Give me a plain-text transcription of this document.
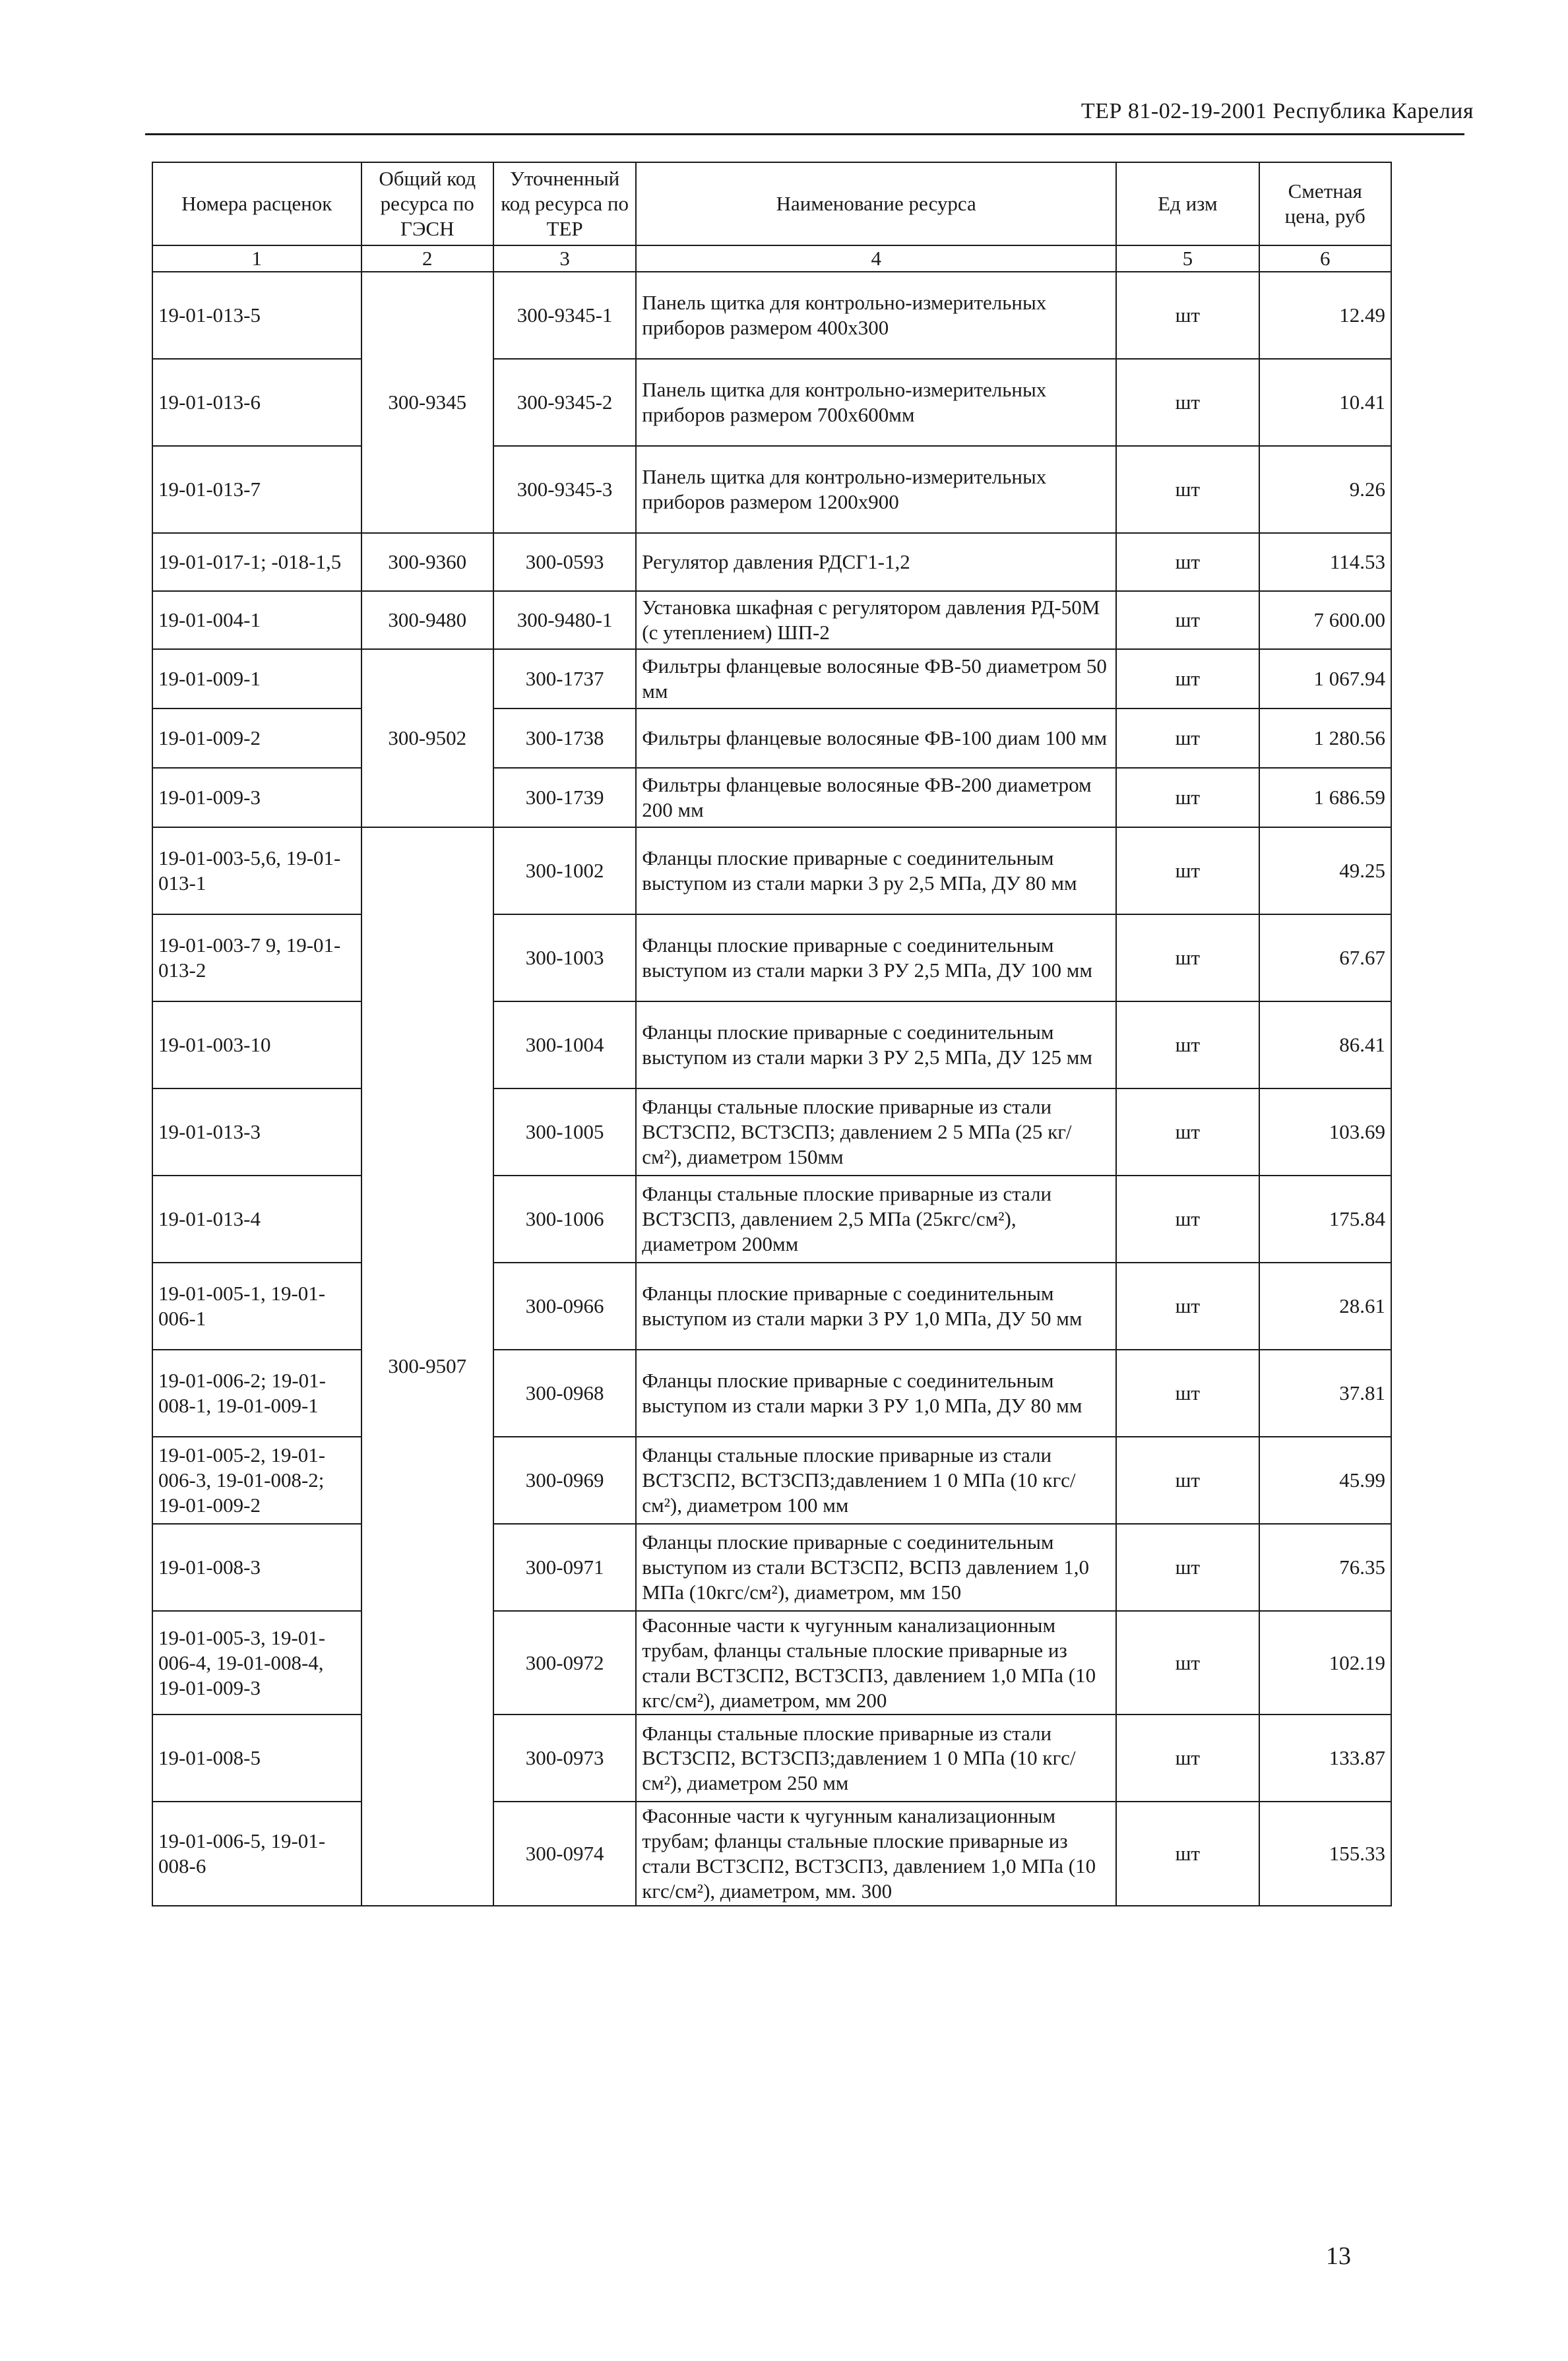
ТЕР 81-02-19-2001 Республика Карелия
Номера расценок	Общий код ресурса по ГЭСН	Уточненный код ресурса по ТЕР	Наименование ресурса	Ед изм	Сметная цена, руб
1	2	3	4	5	6
19-01-013-5	300-9345	300-9345-1	Панель щитка для контрольно-измерительных приборов размером 400х300	шт	12.49
19-01-013-6		300-9345-2	Панель щитка для контрольно-измерительных приборов размером 700х600мм	шт	10.41
19-01-013-7		300-9345-3	Панель щитка для контрольно-измерительных приборов размером 1200х900	шт	9.26
19-01-017-1; -018-1,5	300-9360	300-0593	Регулятор давления РДСГ1-1,2	шт	114.53
19-01-004-1	300-9480	300-9480-1	Установка шкафная с регулятором давления РД-50М (с утеплением) ШП-2	шт	7 600.00
19-01-009-1	300-9502	300-1737	Фильтры фланцевые волосяные ФВ-50 диаметром 50 мм	шт	1 067.94
19-01-009-2		300-1738	Фильтры фланцевые волосяные ФВ-100 диам 100 мм	шт	1 280.56
19-01-009-3		300-1739	Фильтры фланцевые волосяные ФВ-200 диаметром 200 мм	шт	1 686.59
19-01-003-5,6, 19-01-013-1	300-9507	300-1002	Фланцы плоские приварные с соединительным выступом из стали марки 3 ру 2,5 МПа, ДУ 80 мм	шт	49.25
19-01-003-7 9, 19-01-013-2		300-1003	Фланцы плоские приварные с соединительным выступом из стали марки 3 РУ 2,5 МПа, ДУ 100 мм	шт	67.67
19-01-003-10		300-1004	Фланцы плоские приварные с соединительным выступом из стали марки 3 РУ 2,5 МПа, ДУ 125 мм	шт	86.41
19-01-013-3		300-1005	Фланцы стальные плоские приварные из стали ВСТ3СП2, ВСТ3СП3; давлением 2 5 МПа (25 кг/см²), диаметром 150мм	шт	103.69
19-01-013-4		300-1006	Фланцы стальные плоские приварные из стали ВСТ3СП3, давлением 2,5 МПа (25кгс/см²), диаметром 200мм	шт	175.84
19-01-005-1, 19-01-006-1		300-0966	Фланцы плоские приварные с соединительным выступом из стали марки 3 РУ 1,0 МПа, ДУ 50 мм	шт	28.61
19-01-006-2; 19-01-008-1, 19-01-009-1		300-0968	Фланцы плоские приварные с соединительным выступом из стали марки 3 РУ 1,0 МПа, ДУ 80 мм	шт	37.81
19-01-005-2, 19-01-006-3, 19-01-008-2; 19-01-009-2		300-0969	Фланцы стальные плоские приварные из стали ВСТ3СП2, ВСТ3СП3;давлением 1 0 МПа (10 кгс/см²), диаметром 100 мм	шт	45.99
19-01-008-3		300-0971	Фланцы плоские приварные с соединительным выступом из стали ВСТ3СП2, ВСП3 давлением 1,0 МПа (10кгс/см²), диаметром, мм 150	шт	76.35
19-01-005-3, 19-01-006-4, 19-01-008-4, 19-01-009-3		300-0972	Фасонные части к чугунным канализационным трубам, фланцы стальные плоские приварные из стали ВСТ3СП2, ВСТ3СП3, давлением 1,0 МПа (10 кгс/см²), диаметром, мм 200	шт	102.19
19-01-008-5		300-0973	Фланцы стальные плоские приварные из стали ВСТ3СП2, ВСТ3СП3;давлением 1 0 МПа (10 кгс/см²), диаметром 250 мм	шт	133.87
19-01-006-5, 19-01-008-6		300-0974	Фасонные части к чугунным канализационным трубам; фланцы стальные плоские приварные из стали ВСТ3СП2, ВСТ3СП3, давлением 1,0 МПа (10 кгс/см²), диаметром, мм. 300	шт	155.33
13
